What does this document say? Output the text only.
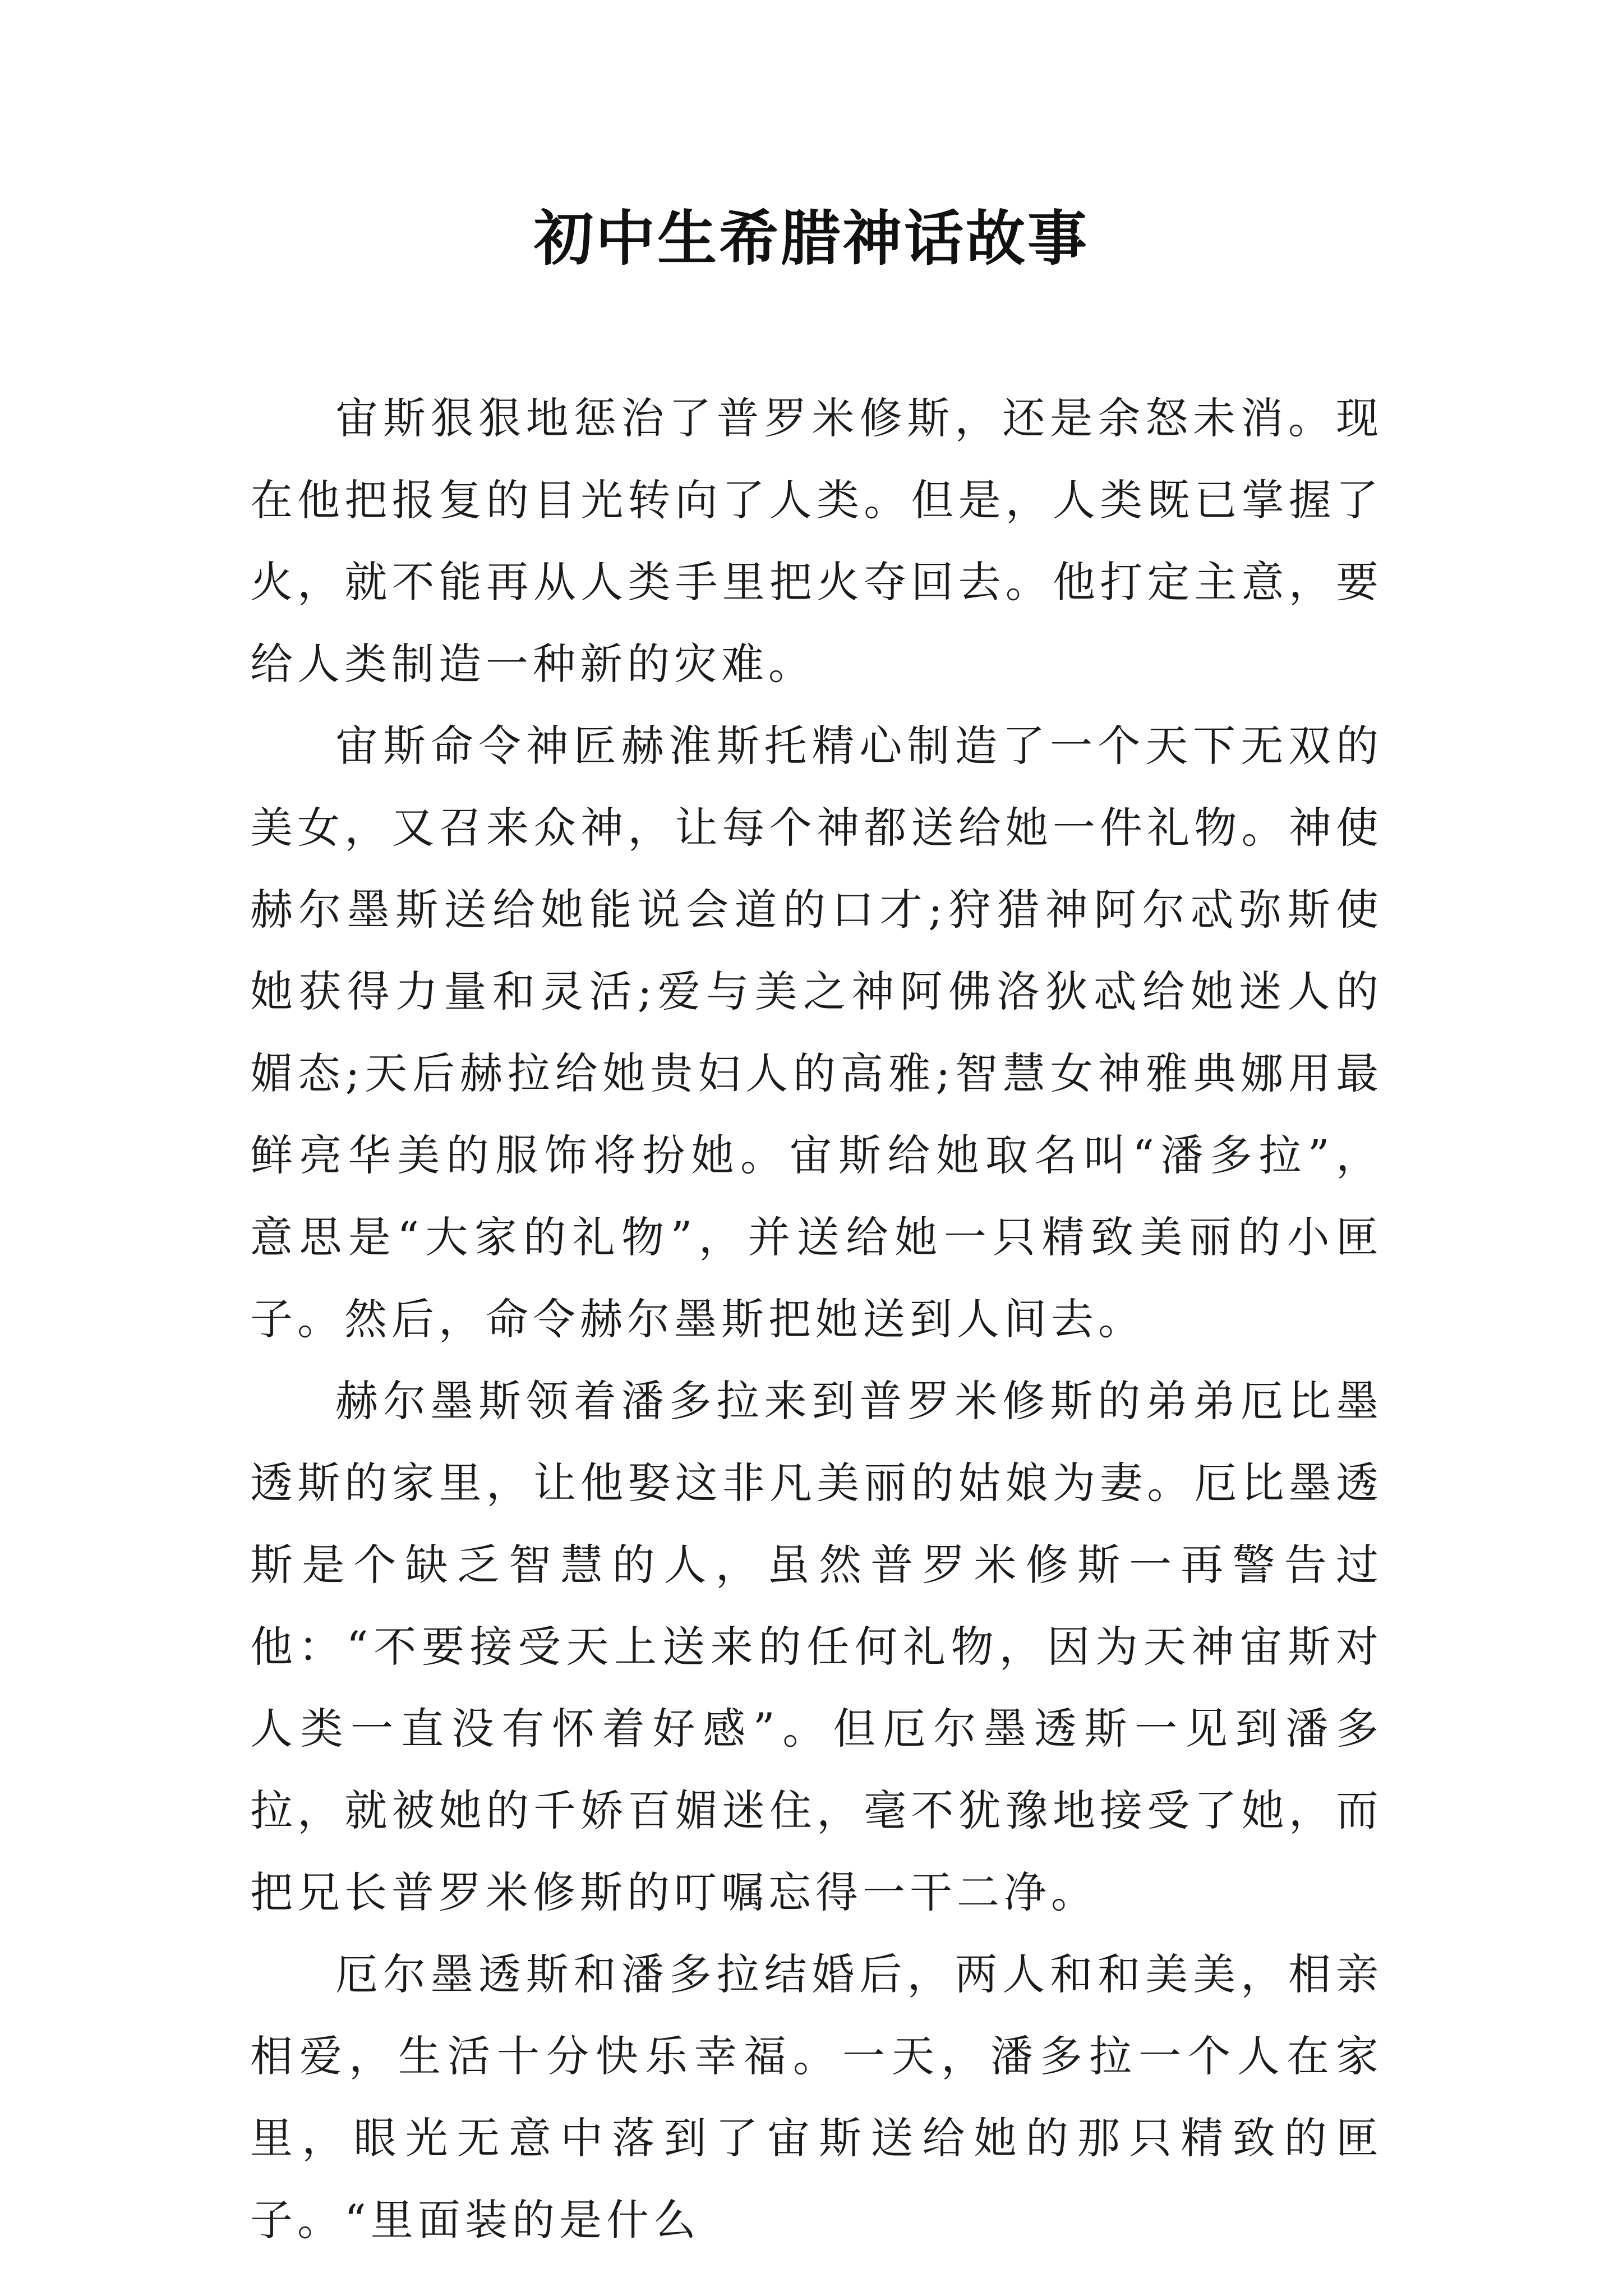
初中生希腊神话故事

宙斯狠狠地惩治了普罗米修斯，还是余怒未消。现在他把报复的目光转向了人类。但是，人类既已掌握了火，就不能再从人类手里把火夺回去。他打定主意，要给人类制造一种新的灾难。

宙斯命令神匠赫淮斯托精心制造了一个天下无双的美女，又召来众神，让每个神都送给她一件礼物。神使赫尔墨斯送给她能说会道的口才;狩猎神阿尔忒弥斯使她获得力量和灵活;爱与美之神阿佛洛狄忒给她迷人的媚态;天后赫拉给她贵妇人的高雅;智慧女神雅典娜用最鲜亮华美的服饰将扮她。宙斯给她取名叫“潘多拉”，意思是“大家的礼物”，并送给她一只精致美丽的小匣子。然后，命令赫尔墨斯把她送到人间去。

赫尔墨斯领着潘多拉来到普罗米修斯的弟弟厄比墨透斯的家里，让他娶这非凡美丽的姑娘为妻。厄比墨透斯是个缺乏智慧的人，虽然普罗米修斯一再警告过他：“不要接受天上送来的任何礼物，因为天神宙斯对人类一直没有怀着好感”。但厄尔墨透斯一见到潘多拉，就被她的千娇百媚迷住，毫不犹豫地接受了她，而把兄长普罗米修斯的叮嘱忘得一干二净。

厄尔墨透斯和潘多拉结婚后，两人和和美美，相亲相爱，生活十分快乐幸福。一天，潘多拉一个人在家里，眼光无意中落到了宙斯送给她的那只精致的匣子。“里面装的是什么
